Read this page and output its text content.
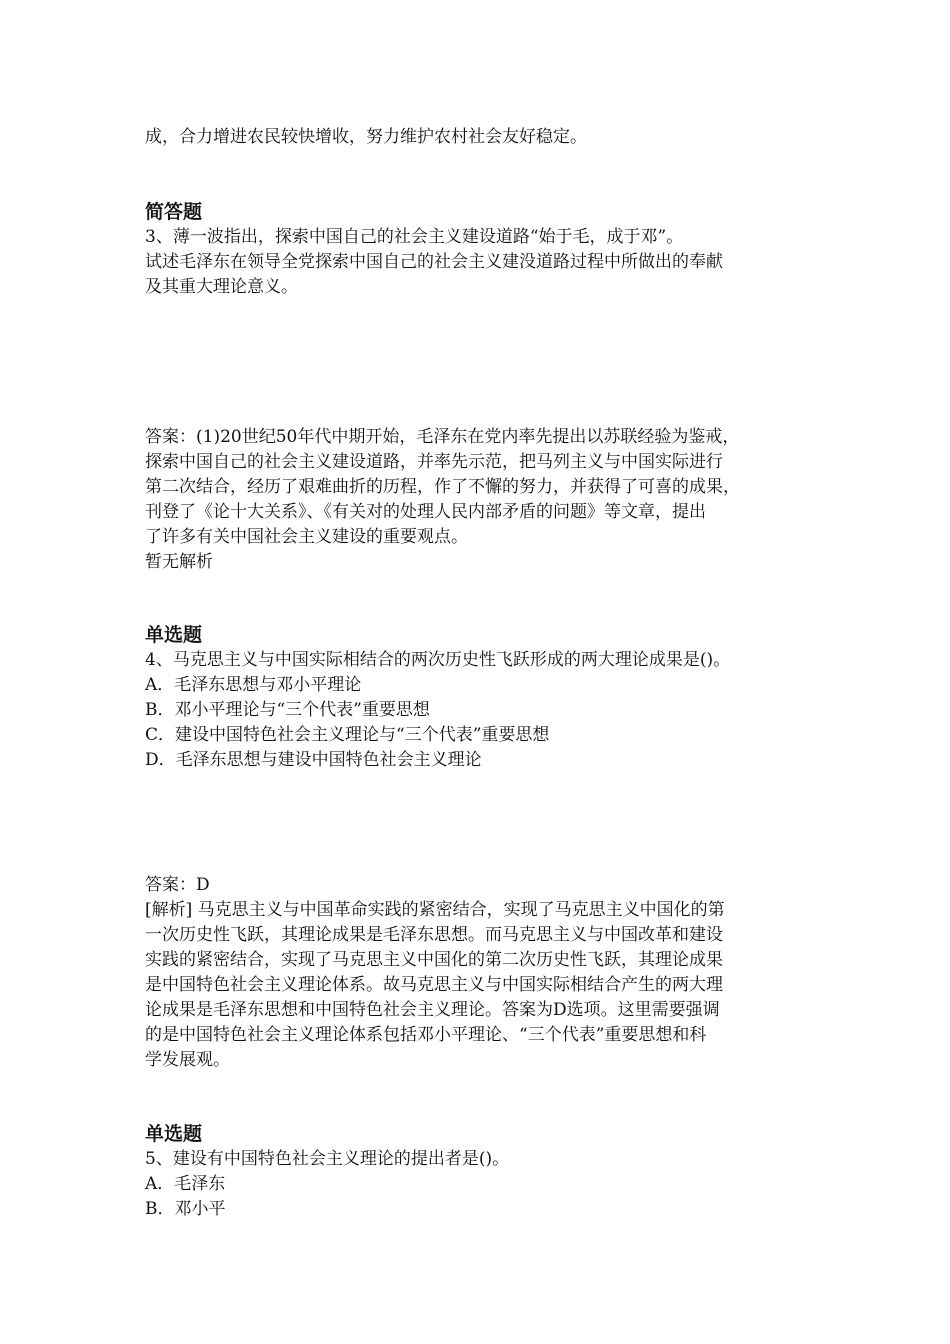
成，合力增进农民较快增收，努力维护农村社会友好稳定。
简答题
3、薄一波指出，探索中国自己的社会主义建设道路“始于毛，成于邓”。
试述毛泽东在领导全党探索中国自己的社会主义建没道路过程中所做出的奉献
及其重大理论意义。
答案：(1)20世纪50年代中期开始，毛泽东在党内率先提出以苏联经验为鉴戒，
探索中国自己的社会主义建设道路，并率先示范，把马列主义与中国实际进行
第二次结合，经历了艰难曲折的历程，作了不懈的努力，并获得了可喜的成果，
刊登了《论十大关系》、《有关对的处理人民内部矛盾的问题》等文章，提出
了许多有关中国社会主义建设的重要观点。
暂无解析
单选题
4、马克思主义与中国实际相结合的两次历史性飞跃形成的两大理论成果是()。
A．毛泽东思想与邓小平理论
B．邓小平理论与“三个代表”重要思想
C．建设中国特色社会主义理论与“三个代表”重要思想
D．毛泽东思想与建设中国特色社会主义理论
答案：D
[解析] 马克思主义与中国革命实践的紧密结合，实现了马克思主义中国化的第
一次历史性飞跃，其理论成果是毛泽东思想。而马克思主义与中国改革和建设
实践的紧密结合，实现了马克思主义中国化的第二次历史性飞跃，其理论成果
是中国特色社会主义理论体系。故马克思主义与中国实际相结合产生的两大理
论成果是毛泽东思想和中国特色社会主义理论。答案为D选项。这里需要强调
的是中国特色社会主义理论体系包括邓小平理论、“三个代表”重要思想和科
学发展观。
单选题
5、建设有中国特色社会主义理论的提出者是()。
A．毛泽东
B．邓小平
